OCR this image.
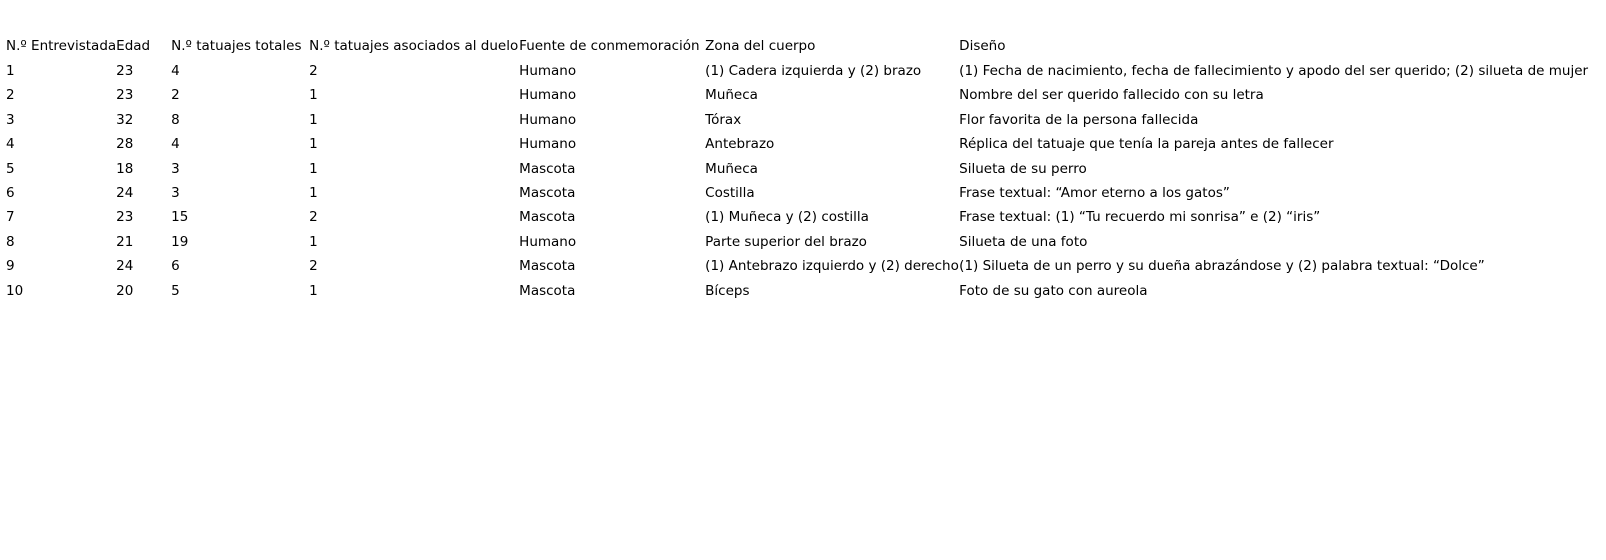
N.º Entrevistada	Edad	N.º tatuajes totales	N.º tatuajes asociados al duelo	Fuente de conmemoración	Zona del cuerpo	Diseño
1	23	4	2	Humano	(1) Cadera izquierda y (2) brazo	(1) Fecha de nacimiento, fecha de fallecimiento y apodo del ser querido; (2) silueta de mujer
2	23	2	1	Humano	Muñeca	Nombre del ser querido fallecido con su letra
3	32	8	1	Humano	Tórax	Flor favorita de la persona fallecida
4	28	4	1	Humano	Antebrazo	Réplica del tatuaje que tenía la pareja antes de fallecer
5	18	3	1	Mascota	Muñeca	Silueta de su perro
6	24	3	1	Mascota	Costilla	Frase textual: “Amor eterno a los gatos”
7	23	15	2	Mascota	(1) Muñeca y (2) costilla	Frase textual: (1) “Tu recuerdo mi sonrisa” e (2) “iris”
8	21	19	1	Humano	Parte superior del brazo	Silueta de una foto
9	24	6	2	Mascota	(1) Antebrazo izquierdo y (2) derecho	(1) Silueta de un perro y su dueña abrazándose y (2) palabra textual: “Dolce”
10	20	5	1	Mascota	Bíceps	Foto de su gato con aureola
